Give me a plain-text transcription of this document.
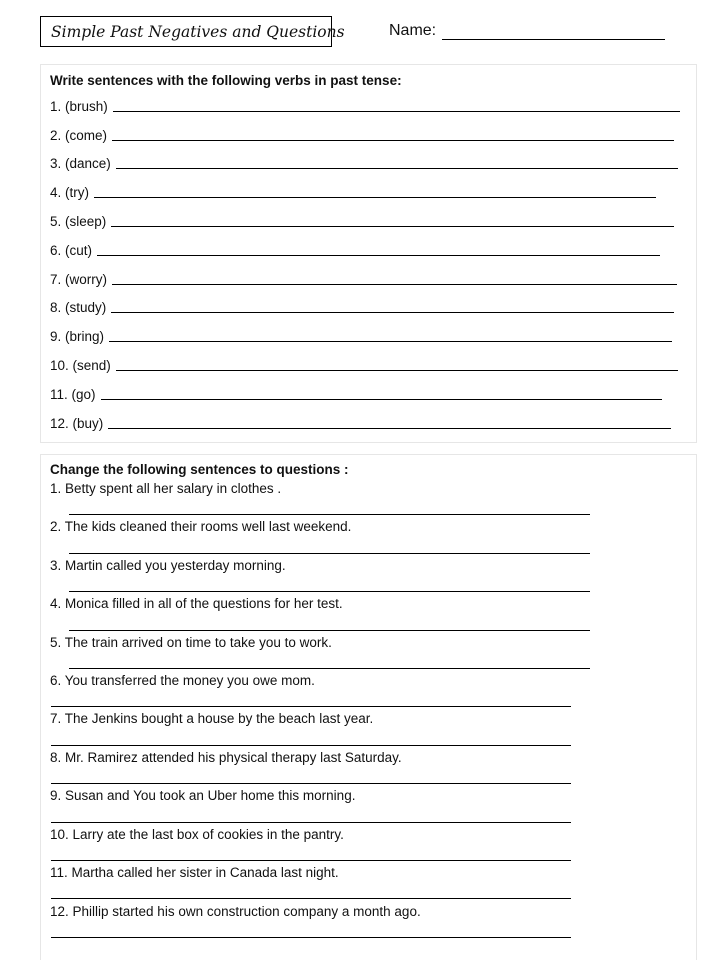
Simple Past Negatives and Questions	Name:
Write sentences with the following verbs in past tense:
1. (brush)
2. (come)
3. (dance)
4. (try)
5. (sleep)
6. (cut)
7. (worry)
8. (study)
9. (bring)
10. (send)
11. (go)
12. (buy)
Change the following sentences to questions :
1. Betty spent all her salary in clothes .
2. The kids cleaned their rooms well last weekend.
3. Martin called you yesterday morning.
4. Monica filled in all of the questions for her test.
5. The train arrived on time to take you to work.
6. You transferred the money you owe mom.
7. The Jenkins bought a house by the beach last year.
8. Mr. Ramirez attended his physical therapy last Saturday.
9. Susan and You took an Uber home this morning.
10. Larry ate the last box of cookies in the pantry.
11. Martha called her sister in Canada last night.
12. Phillip started his own construction company a month ago.
